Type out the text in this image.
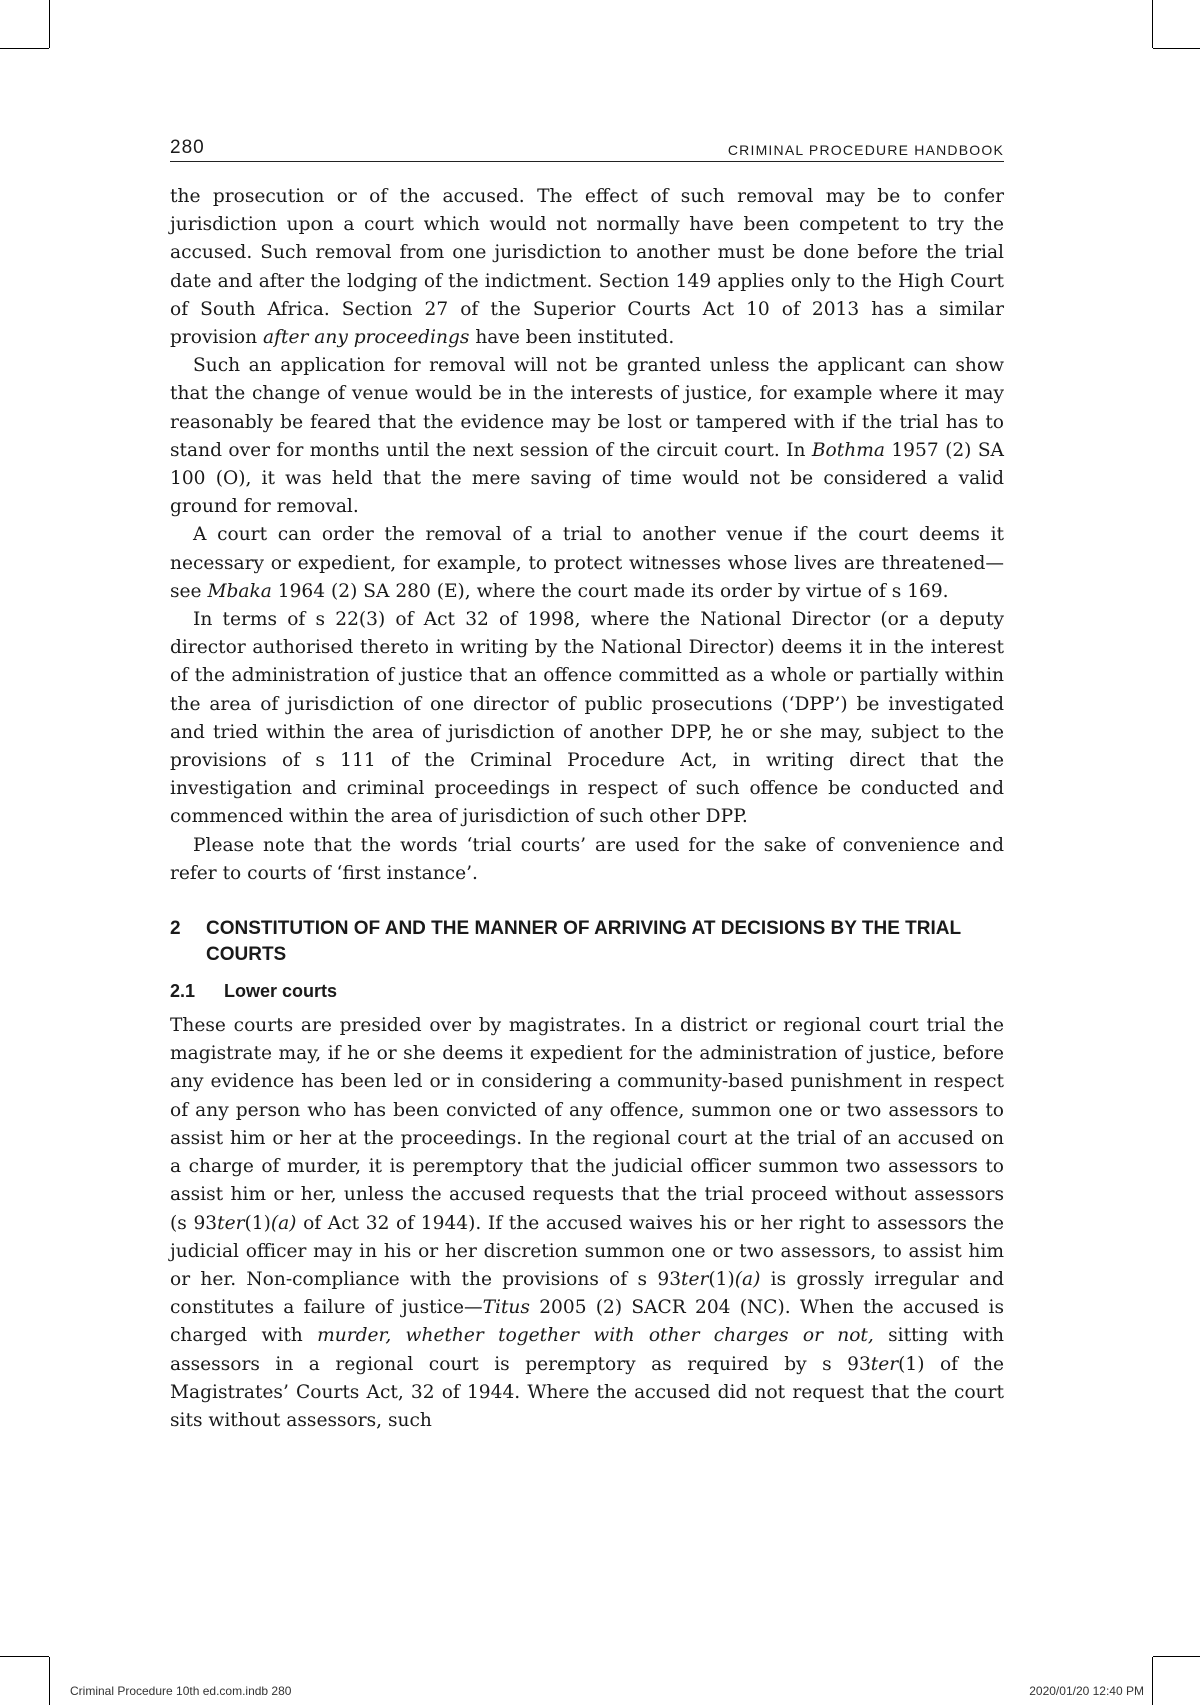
280	CRIMINAL PROCEDURE HANDBOOK

the prosecution or of the accused. The effect of such removal may be to confer jurisdiction upon a court which would not normally have been competent to try the accused. Such removal from one jurisdiction to another must be done before the trial date and after the lodging of the indictment. Section 149 applies only to the High Court of South Africa. Section 27 of the Superior Courts Act 10 of 2013 has a similar provision after any proceedings have been instituted.

Such an application for removal will not be granted unless the applicant can show that the change of venue would be in the interests of justice, for example where it may reasonably be feared that the evidence may be lost or tampered with if the trial has to stand over for months until the next session of the circuit court. In Bothma 1957 (2) SA 100 (O), it was held that the mere saving of time would not be considered a valid ground for removal.

A court can order the removal of a trial to another venue if the court deems it necessary or expedient, for example, to protect witnesses whose lives are threatened—see Mbaka 1964 (2) SA 280 (E), where the court made its order by virtue of s 169.

In terms of s 22(3) of Act 32 of 1998, where the National Director (or a deputy director authorised thereto in writing by the National Director) deems it in the interest of the administration of justice that an offence committed as a whole or partially within the area of jurisdiction of one director of public prosecutions (‘DPP’) be investigated and tried within the area of jurisdiction of another DPP, he or she may, subject to the provisions of s 111 of the Criminal Procedure Act, in writing direct that the investigation and criminal proceedings in respect of such offence be conducted and commenced within the area of jurisdiction of such other DPP.

Please note that the words ‘trial courts’ are used for the sake of convenience and refer to courts of ‘first instance’.

2	CONSTITUTION OF AND THE MANNER OF ARRIVING AT DECISIONS BY THE TRIAL COURTS
2.1	Lower courts

These courts are presided over by magistrates. In a district or regional court trial the magistrate may, if he or she deems it expedient for the administration of justice, before any evidence has been led or in considering a community-based punishment in respect of any person who has been convicted of any offence, summon one or two assessors to assist him or her at the proceedings. In the regional court at the trial of an accused on a charge of murder, it is peremptory that the judicial officer summon two assessors to assist him or her, unless the accused requests that the trial proceed without assessors (s 93ter(1)(a) of Act 32 of 1944). If the accused waives his or her right to assessors the judicial officer may in his or her discretion summon one or two assessors, to assist him or her. Non-compliance with the provisions of s 93ter(1)(a) is grossly irregular and constitutes a failure of justice—Titus 2005 (2) SACR 204 (NC). When the accused is charged with murder, whether together with other charges or not, sitting with assessors in a regional court is peremptory as required by s 93ter(1) of the Magistrates’ Courts Act, 32 of 1944. Where the accused did not request that the court sits without assessors, such

Criminal Procedure 10th ed.com.indb 280	2020/01/20 12:40 PM
